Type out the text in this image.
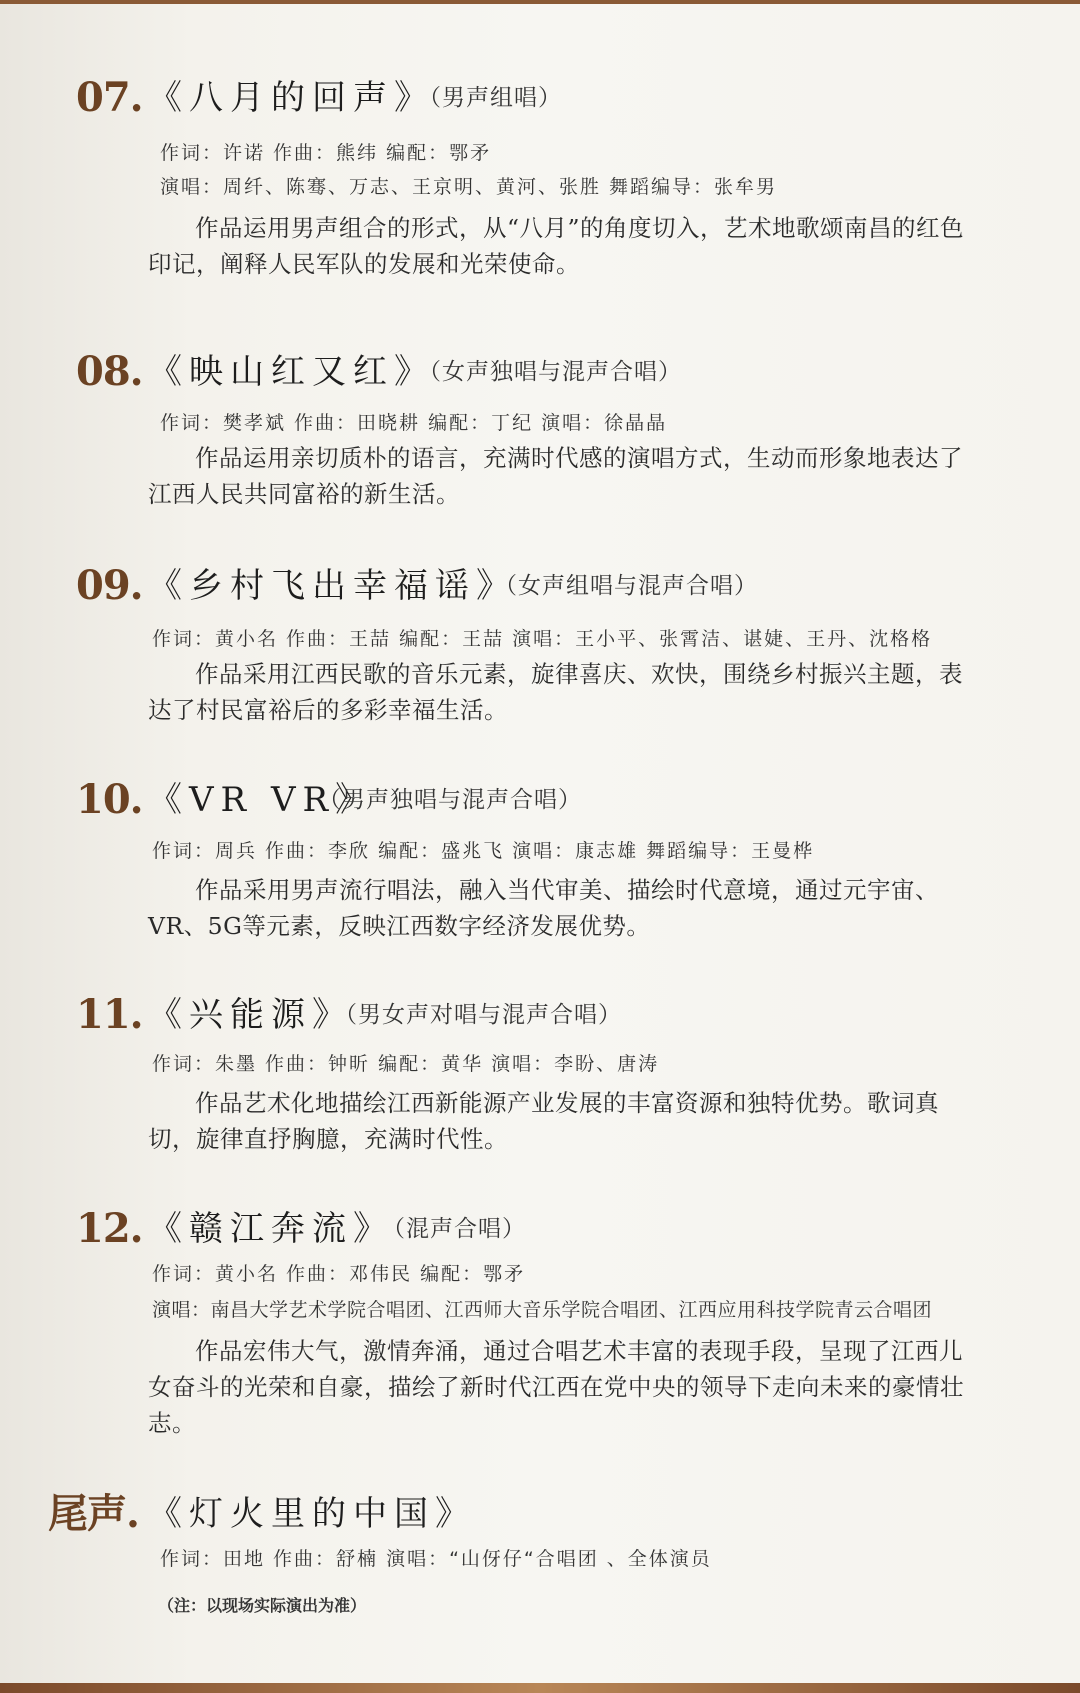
07. 《八月的回声》
（男声组唱）
作词：许诺 作曲：熊纬 编配：鄂矛
演唱：周纤、陈骞、万志、王京明、黄河、张胜 舞蹈编导：张牟男
作品运用男声组合的形式，从“八月”的角度切入，艺术地歌颂南昌的红色印记，阐释人民军队的发展和光荣使命。
08. 《映山红又红》
（女声独唱与混声合唱）
作词：樊孝斌 作曲：田晓耕 编配：丁纪 演唱：徐晶晶
作品运用亲切质朴的语言，充满时代感的演唱方式，生动而形象地表达了江西人民共同富裕的新生活。
09. 《乡村飞出幸福谣》
（女声组唱与混声合唱）
作词：黄小名 作曲：王喆 编配：王喆 演唱：王小平、张霄洁、谌婕、王丹、沈格格
作品采用江西民歌的音乐元素，旋律喜庆、欢快，围绕乡村振兴主题，表达了村民富裕后的多彩幸福生活。
10. 《VR VR》
（男声独唱与混声合唱）
作词：周兵 作曲：李欣 编配：盛兆飞 演唱：康志雄 舞蹈编导：王曼桦
作品采用男声流行唱法，融入当代审美、描绘时代意境，通过元宇宙、VR、5G等元素，反映江西数字经济发展优势。
11. 《兴能源》
（男女声对唱与混声合唱）
作词：朱墨 作曲：钟昕 编配：黄华 演唱：李盼、唐涛
作品艺术化地描绘江西新能源产业发展的丰富资源和独特优势。歌词真切，旋律直抒胸臆，充满时代性。
12. 《赣江奔流》
（混声合唱）
作词：黄小名 作曲：邓伟民 编配：鄂矛
演唱：南昌大学艺术学院合唱团、江西师大音乐学院合唱团、江西应用科技学院青云合唱团
作品宏伟大气，激情奔涌，通过合唱艺术丰富的表现手段，呈现了江西儿女奋斗的光荣和自豪，描绘了新时代江西在党中央的领导下走向未来的豪情壮志。
尾声. 《灯火里的中国》
作词：田地 作曲：舒楠 演唱：“山伢仔“合唱团 、全体演员
（注：以现场实际演出为准）
